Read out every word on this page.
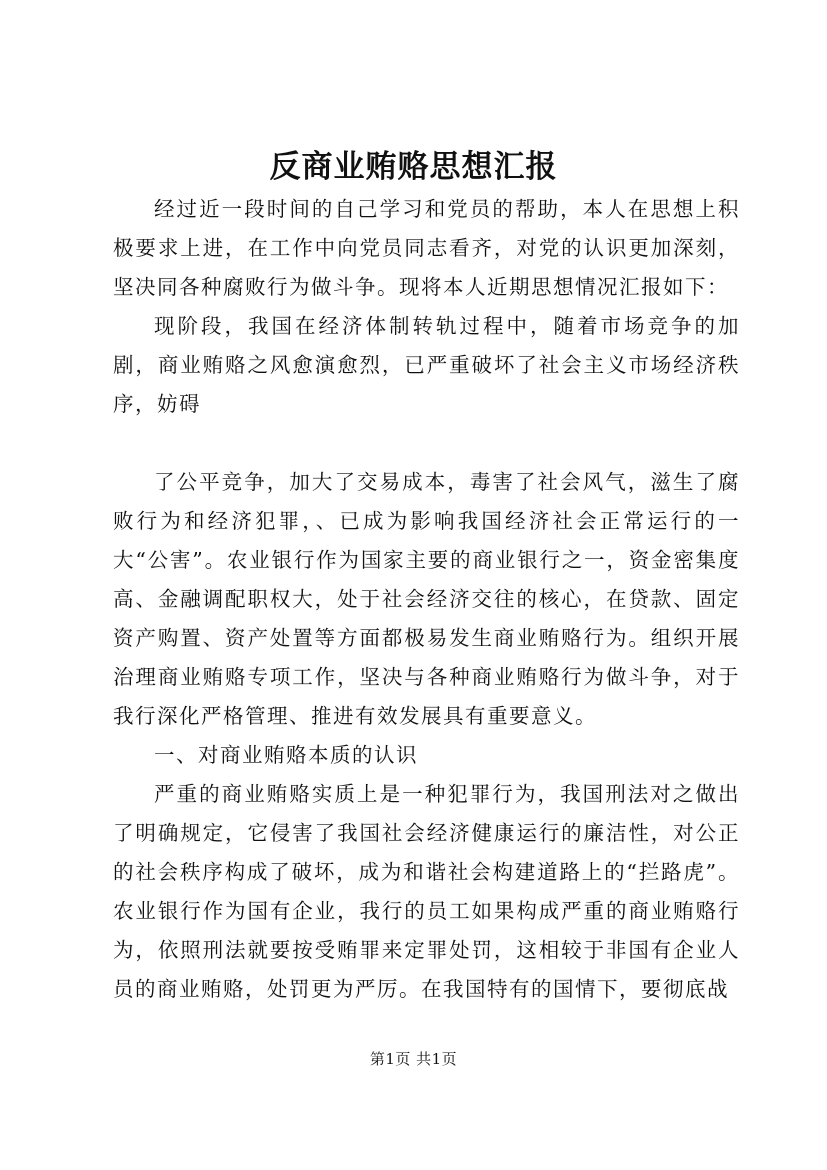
反商业贿赂思想汇报

经过近一段时间的自己学习和党员的帮助，本人在思想上积极要求上进，在工作中向党员同志看齐，对党的认识更加深刻，坚决同各种腐败行为做斗争。现将本人近期思想情况汇报如下：

现阶段，我国在经济体制转轨过程中，随着市场竞争的加剧，商业贿赂之风愈演愈烈，已严重破坏了社会主义市场经济秩序，妨碍

了公平竞争，加大了交易成本，毒害了社会风气，滋生了腐败行为和经济犯罪，、已成为影响我国经济社会正常运行的一大“公害”。农业银行作为国家主要的商业银行之一，资金密集度高、金融调配职权大，处于社会经济交往的核心，在贷款、固定资产购置、资产处置等方面都极易发生商业贿赂行为。组织开展治理商业贿赂专项工作，坚决与各种商业贿赂行为做斗争，对于我行深化严格管理、推进有效发展具有重要意义。

一、对商业贿赂本质的认识

严重的商业贿赂实质上是一种犯罪行为，我国刑法对之做出了明确规定，它侵害了我国社会经济健康运行的廉洁性，对公正的社会秩序构成了破坏，成为和谐社会构建道路上的“拦路虎”。农业银行作为国有企业，我行的员工如果构成严重的商业贿赂行为，依照刑法就要按受贿罪来定罪处罚，这相较于非国有企业人员的商业贿赂，处罚更为严厉。在我国特有的国情下，要彻底战

第1页 共1页
